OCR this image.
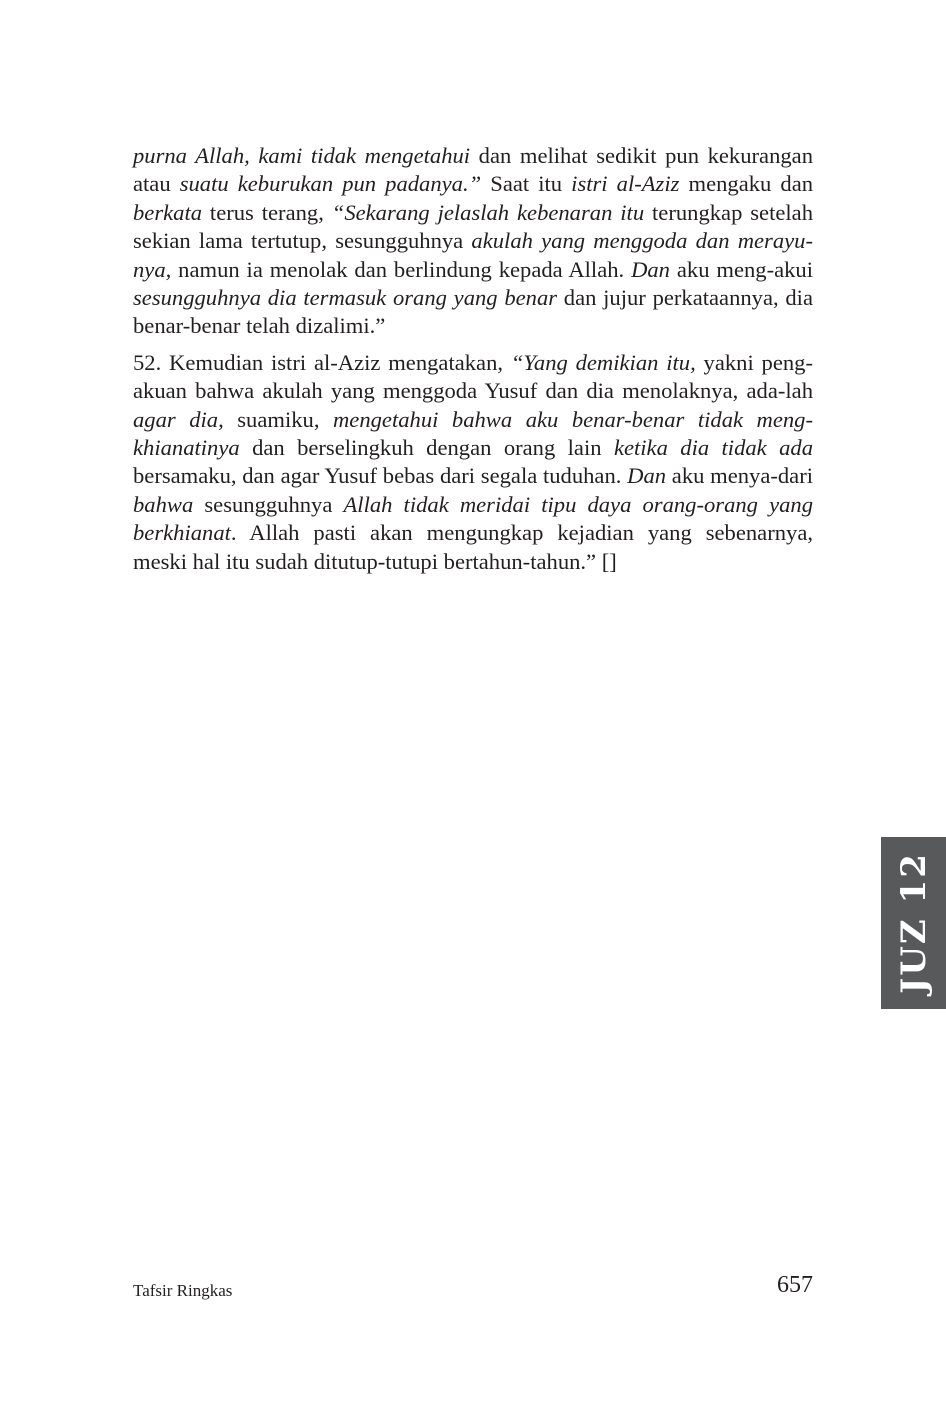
purna Allah, kami tidak mengetahui dan melihat sedikit pun kekurangan atau suatu keburukan pun padanya.” Saat itu istri al-Aziz mengaku dan berkata terus terang, “Sekarang jelaslah kebenaran itu terungkap setelah sekian lama tertutup, sesungguhnya akulah yang menggoda dan merayu-nya, namun ia menolak dan berlindung kepada Allah. Dan aku meng-akui sesungguhnya dia termasuk orang yang benar dan jujur perkataannya, dia benar-benar telah dizalimi.”

52. Kemudian istri al-Aziz mengatakan, “Yang demikian itu, yakni peng-akuan bahwa akulah yang menggoda Yusuf dan dia menolaknya, ada-lah agar dia, suamiku, mengetahui bahwa aku benar-benar tidak meng-khianatinya dan berselingkuh dengan orang lain ketika dia tidak ada bersamaku, dan agar Yusuf bebas dari segala tuduhan. Dan aku menya-dari bahwa sesungguhnya Allah tidak meridai tipu daya orang-orang yang berkhianat. Allah pasti akan mengungkap kejadian yang sebenarnya, meski hal itu sudah ditutup-tutupi bertahun-tahun.” []

JUZ 12
Tafsir Ringkas	657
